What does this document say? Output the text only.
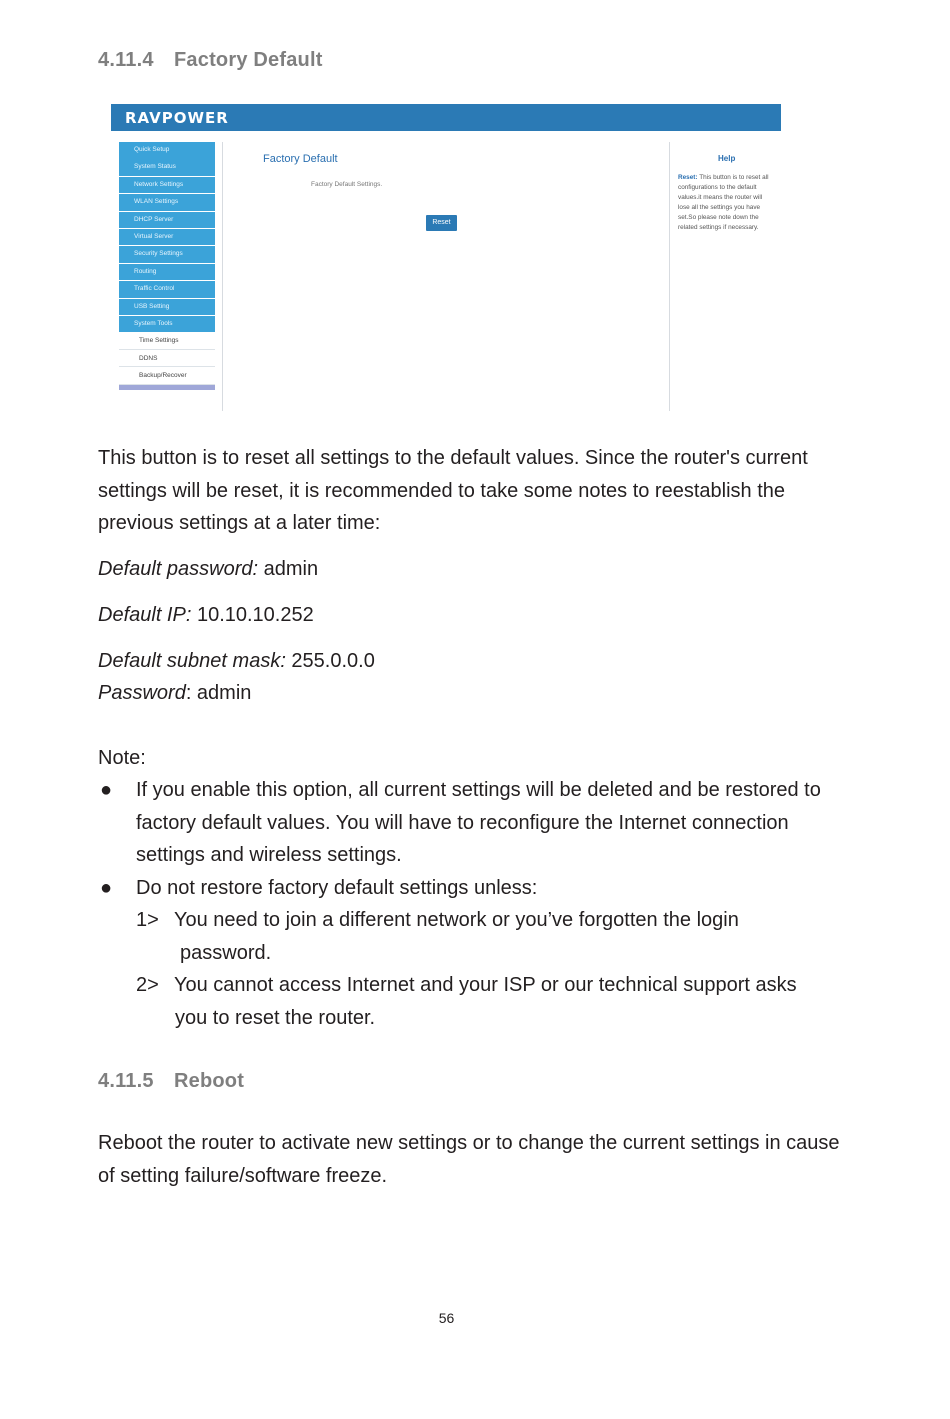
4.11.4 Factory Default
RAVPOWER
Quick Setup
System Status
Network Settings
WLAN Settings
DHCP Server
Virtual Server
Security Settings
Routing
Traffic Control
USB Setting
System Tools
Time Settings
DDNS
Backup/Recover
Factory Default
Factory Default Settings.
Reset
Help
Reset: This button is to reset all configurations to the default values.it means the router will lose all the settings you have set.So please note down the related settings if necessary.

This button is to reset all settings to the default values. Since the router's current settings will be reset, it is recommended to take some notes to reestablish the previous settings at a later time:

Default password: admin
Default IP: 10.10.10.252
Default subnet mask: 255.0.0.0
Password: admin
Note:
● If you enable this option, all current settings will be deleted and be restored to factory default values. You will have to reconfigure the Internet connection settings and wireless settings.

● Do not restore factory default settings unless:

1> You need to join a different network or you’ve forgotten the login
password.
2> You cannot access Internet and your ISP or our technical support asks
you to reset the router.
4.11.5 Reboot

Reboot the router to activate new settings or to change the current settings in cause of setting failure/software freeze.

56
